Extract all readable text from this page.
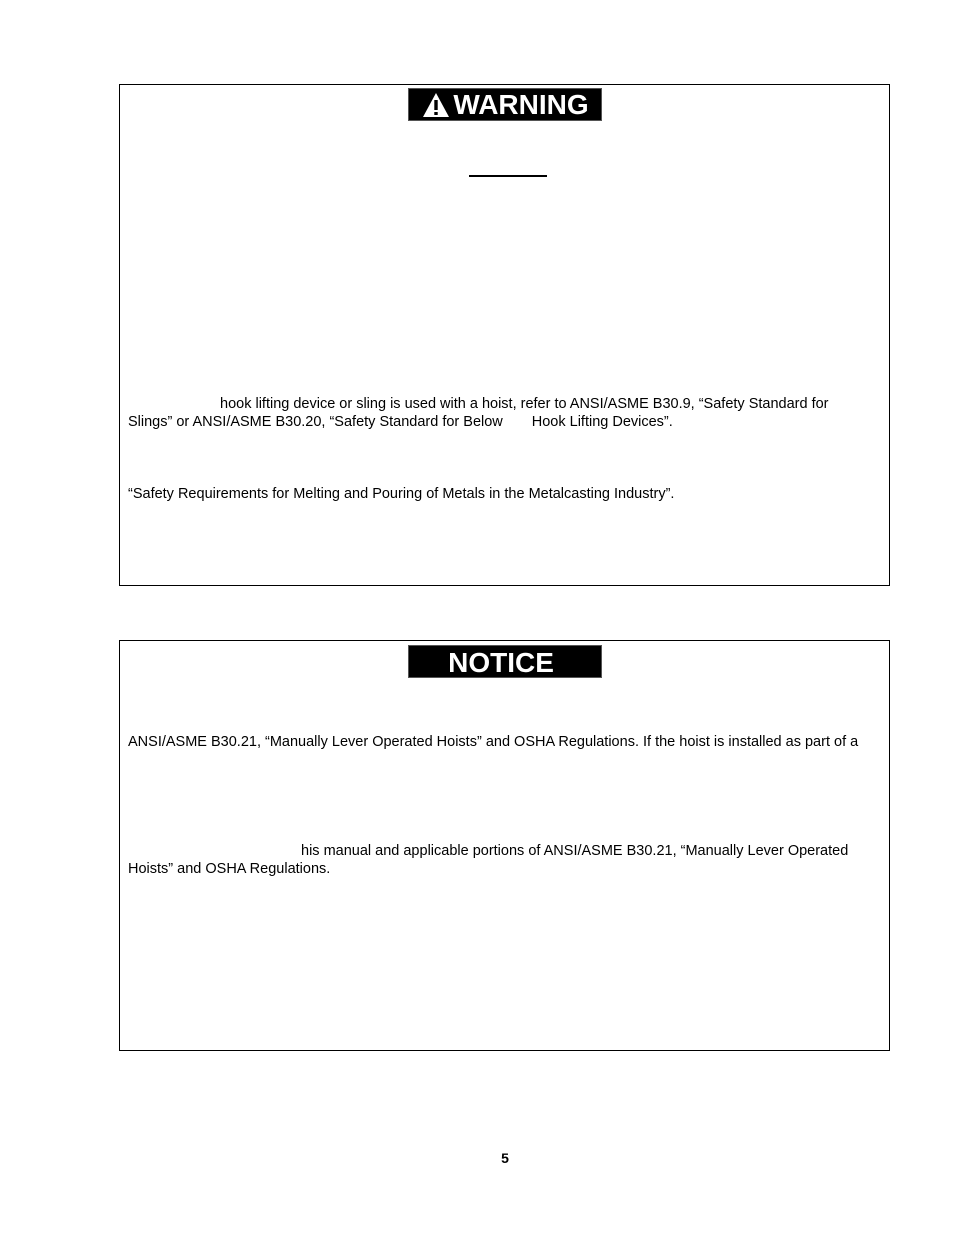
WARNING

hook lifting device or sling is used with a hoist, refer to ANSI/ASME B30.9, “Safety Standard for
Slings” or ANSI/ASME B30.20, “Safety Standard for Below Hook Lifting Devices”.

“Safety Requirements for Melting and Pouring of Metals in the Metalcasting Industry”.

NOTICE

ANSI/ASME B30.21, “Manually Lever Operated Hoists” and OSHA Regulations. If the hoist is installed as part of a

his manual and applicable portions of ANSI/ASME B30.21, “Manually Lever Operated
Hoists” and OSHA Regulations.

5
